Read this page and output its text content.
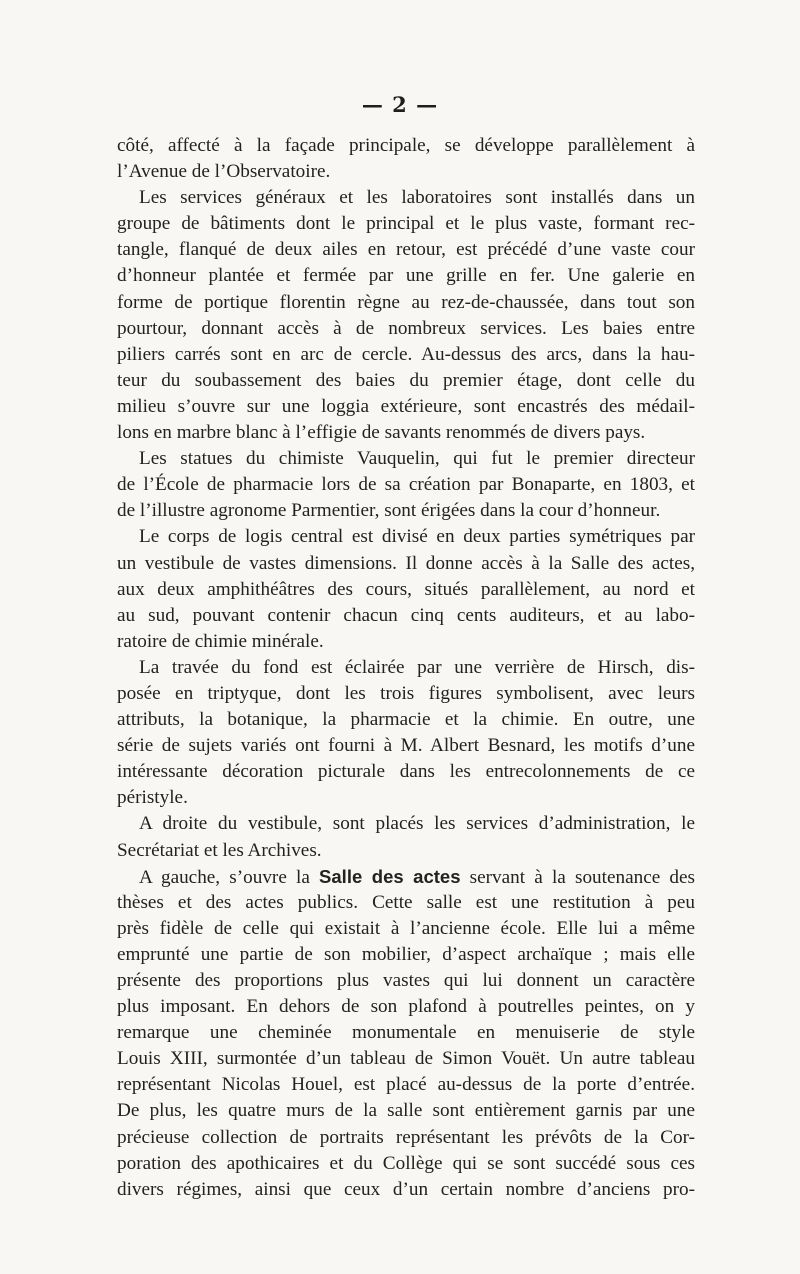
— 2 —
côté, affecté à la façade principale, se développe parallèlement à
l’Avenue de l’Observatoire.
Les services généraux et les laboratoires sont installés dans un
groupe de bâtiments dont le principal et le plus vaste, formant rec-
tangle, flanqué de deux ailes en retour, est précédé d’une vaste cour
d’honneur plantée et fermée par une grille en fer. Une galerie en
forme de portique florentin règne au rez-de-chaussée, dans tout son
pourtour, donnant accès à de nombreux services. Les baies entre
piliers carrés sont en arc de cercle. Au-dessus des arcs, dans la hau-
teur du soubassement des baies du premier étage, dont celle du
milieu s’ouvre sur une loggia extérieure, sont encastrés des médail-
lons en marbre blanc à l’effigie de savants renommés de divers pays.
Les statues du chimiste Vauquelin, qui fut le premier directeur
de l’École de pharmacie lors de sa création par Bonaparte, en 1803, et
de l’illustre agronome Parmentier, sont érigées dans la cour d’honneur.
Le corps de logis central est divisé en deux parties symétriques par
un vestibule de vastes dimensions. Il donne accès à la Salle des actes,
aux deux amphithéâtres des cours, situés parallèlement, au nord et
au sud, pouvant contenir chacun cinq cents auditeurs, et au labo-
ratoire de chimie minérale.
La travée du fond est éclairée par une verrière de Hirsch, dis-
posée en triptyque, dont les trois figures symbolisent, avec leurs
attributs, la botanique, la pharmacie et la chimie. En outre, une
série de sujets variés ont fourni à M. Albert Besnard, les motifs d’une
intéressante décoration picturale dans les entrecolonnements de ce
péristyle.
A droite du vestibule, sont placés les services d’administration, le
Secrétariat et les Archives.
A gauche, s’ouvre la Salle des actes servant à la soutenance des
thèses et des actes publics. Cette salle est une restitution à peu
près fidèle de celle qui existait à l’ancienne école. Elle lui a même
emprunté une partie de son mobilier, d’aspect archaïque ; mais elle
présente des proportions plus vastes qui lui donnent un caractère
plus imposant. En dehors de son plafond à poutrelles peintes, on y
remarque une cheminée monumentale en menuiserie de style
Louis XIII, surmontée d’un tableau de Simon Vouët. Un autre tableau
représentant Nicolas Houel, est placé au-dessus de la porte d’entrée.
De plus, les quatre murs de la salle sont entièrement garnis par une
précieuse collection de portraits représentant les prévôts de la Cor-
poration des apothicaires et du Collège qui se sont succédé sous ces
divers régimes, ainsi que ceux d’un certain nombre d’anciens pro-
